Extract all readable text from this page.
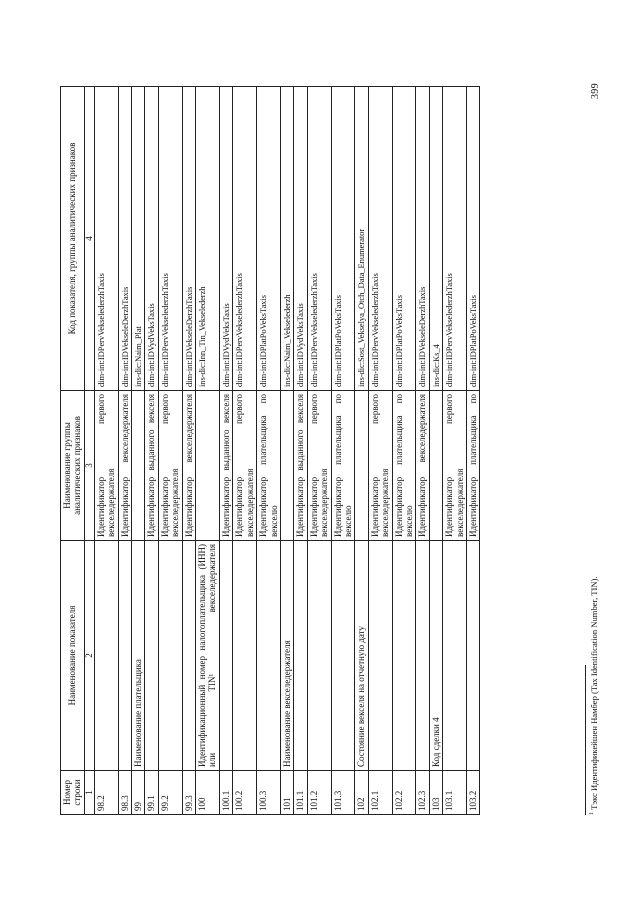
399
Номер строки	Наименование показателя	Наименование группы аналитических признаков	Код показателя, группы аналитических признаков
1	2	3	4
98.2		Идентификатор первого векселедержателя	dim-int:IDPervVekselederzhTaxis
98.3		Идентификатор векселедержателя	dim-int:IDVekseleDerzhTaxis
99	Наименование плательщика		ins-dic:Naim_Plat
99.1		Идентификатор выданного векселя	dim-int:IDVydVeksTaxis
99.2		Идентификатор первого векселедержателя	dim-int:IDPervVekselederzhTaxis
99.3		Идентификатор векселедержателя	dim-int:IDVekseleDerzhTaxis
100	Идентификационный номер налогоплательщика (ИНН) или TIN¹ векселедержателя		ins-dic:Inn_Tin_Vekselederzh
100.1		Идентификатор выданного векселя	dim-int:IDVydVeksTaxis
100.2		Идентификатор первого векселедержателя	dim-int:IDPervVekselederzhTaxis
100.3		Идентификатор плательщика по векселю	dim-int:IDPlatPoVeksTaxis
101	Наименование векселедержателя		ins-dic:Naim_Vekselederzh
101.1		Идентификатор выданного векселя	dim-int:IDVydVeksTaxis
101.2		Идентификатор первого векселедержателя	dim-int:IDPervVekselederzhTaxis
101.3		Идентификатор плательщика по векселю	dim-int:IDPlatPoVeksTaxis
102	Состояние векселя на отчетную дату		ins-dic:Sost_Vekselya_Otch_Data_Enumerator
102.1		Идентификатор первого векселедержателя	dim-int:IDPervVekselederzhTaxis
102.2		Идентификатор плательщика по векселю	dim-int:IDPlatPoVeksTaxis
102.3		Идентификатор векселедержателя	dim-int:IDVekseleDerzhTaxis
103	Код сделки 4		ins-dic:Ks_4
103.1		Идентификатор первого векселедержателя	dim-int:IDPervVekselederzhTaxis
103.2		Идентификатор плательщика по	dim-int:IDPlatPoVeksTaxis
$^1$ Тэкс Идентификейшен Намбер (Tax Identification Number, TIN).
